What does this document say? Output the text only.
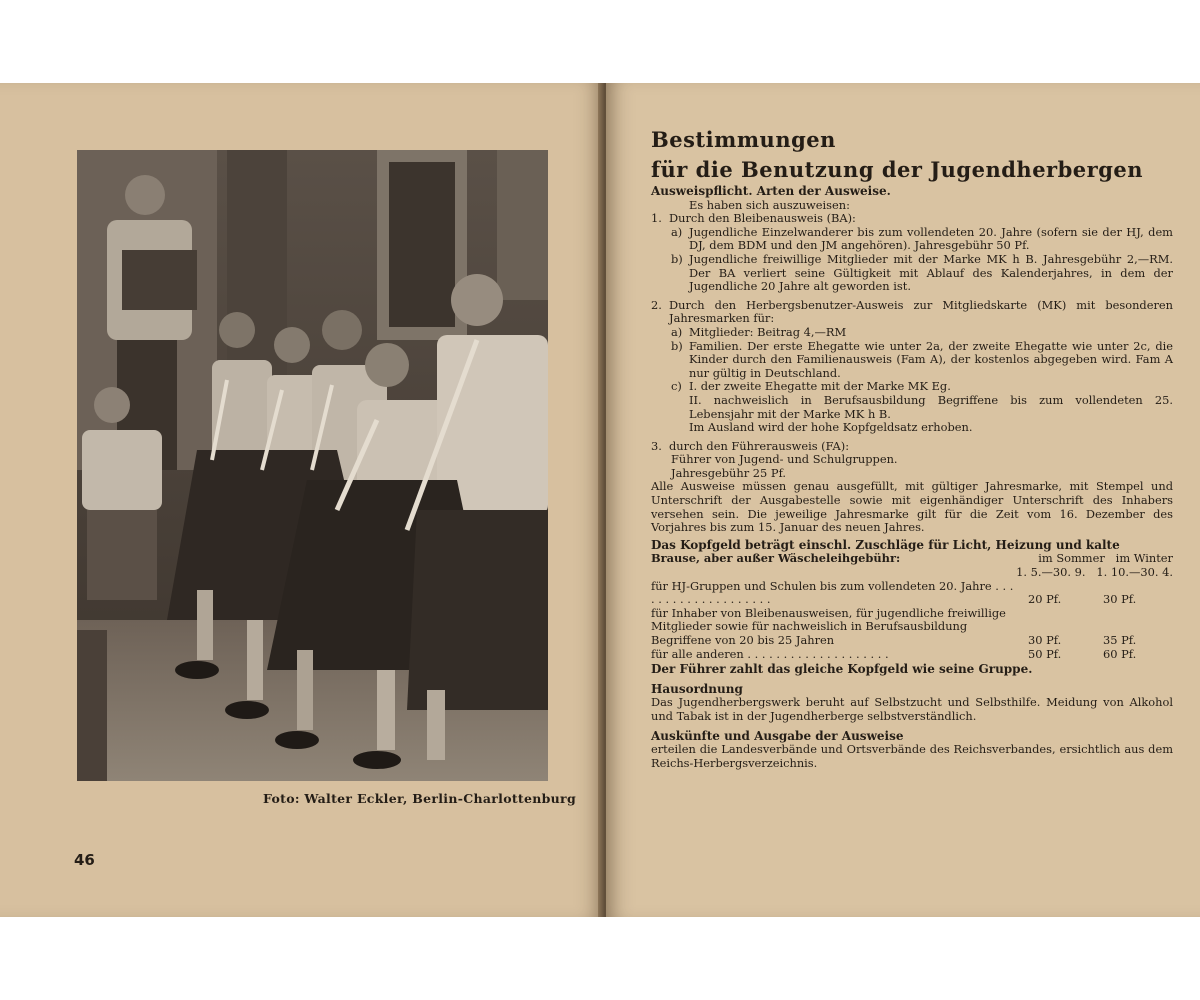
Foto: Walter Eckler, Berlin-Charlottenburg
46
Bestimmungen
für die Benutzung der Jugendherbergen
Ausweispflicht. Arten der Ausweise.
Es haben sich auszuweisen:
1. Durch den Bleibenausweis (BA):
a) Jugendliche Einzelwanderer bis zum vollendeten 20. Jahre (sofern sie der HJ, dem DJ, dem BDM und den JM angehören). Jahresgebühr 50 Pf.
b) Jugendliche freiwillige Mitglieder mit der Marke MK h B. Jahresgebühr 2,—RM. Der BA verliert seine Gültigkeit mit Ablauf des Kalenderjahres, in dem der Jugendliche 20 Jahre alt geworden ist.
2. Durch den Herbergsbenutzer-Ausweis zur Mitgliedskarte (MK) mit besonderen Jahresmarken für:
a) Mitglieder: Beitrag 4,—RM
b) Familien. Der erste Ehegatte wie unter 2a, der zweite Ehegatte wie unter 2c, die Kinder durch den Familienausweis (Fam A), der kostenlos abgegeben wird. Fam A nur gültig in Deutschland.
c) I. der zweite Ehegatte mit der Marke MK Eg.
II. nachweislich in Berufsausbildung Begriffene bis zum vollendeten 25. Lebensjahr mit der Marke MK h B.
Im Ausland wird der hohe Kopfgeldsatz erhoben.
3. durch den Führerausweis (FA):
Führer von Jugend- und Schulgruppen.
Jahresgebühr 25 Pf.
Alle Ausweise müssen genau ausgefüllt, mit gültiger Jahresmarke, mit Stempel und Unterschrift der Ausgabestelle sowie mit eigenhändiger Unterschrift des Inhabers versehen sein. Die jeweilige Jahresmarke gilt für die Zeit vom 16. Dezember des Vorjahres bis zum 15. Januar des neuen Jahres.
Das Kopfgeld beträgt einschl. Zuschläge für Licht, Heizung und kalte
Brause, aber außer Wäscheleihgebühr:	im Sommer im Winter
1. 5.—30. 9. 1. 10.—30. 4.
für HJ-Gruppen und Schulen bis zum vollendeten 20. Jahre . . . . . . . . . . . . . . . . . . . .	20 Pf.	30 Pf.
für Inhaber von Bleibenausweisen, für jugendliche freiwillige Mitglieder sowie für nachweislich in Berufsausbildung Begriffene von 20 bis 25 Jahren	30 Pf.	35 Pf.
für alle anderen . . . . . . . . . . . . . . . . . . . .	50 Pf.	60 Pf.
Der Führer zahlt das gleiche Kopfgeld wie seine Gruppe.
Hausordnung
Das Jugendherbergswerk beruht auf Selbstzucht und Selbsthilfe. Meidung von Alkohol und Tabak ist in der Jugendherberge selbstverständlich.
Auskünfte und Ausgabe der Ausweise
erteilen die Landesverbände und Ortsverbände des Reichsverbandes, ersichtlich aus dem Reichs-Herbergsverzeichnis.
